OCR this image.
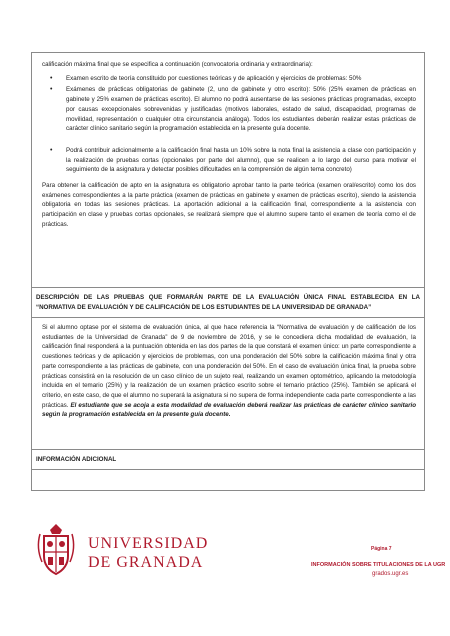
calificación máxima final que se especifica a continuación (convocatoria ordinaria y extraordinaria):

• Examen escrito de teoría constituido por cuestiones teóricas y de aplicación y ejercicios de problemas: 50%
• Exámenes de prácticas obligatorias de gabinete (2, uno de gabinete y otro escrito): 50% (25% examen de prácticas en gabinete y 25% examen de prácticas escrito). El alumno no podrá ausentarse de las sesiones prácticas programadas, excepto por causas excepcionales sobrevenidas y justificadas (motivos laborales, estado de salud, discapacidad, programas de movilidad, representación o cualquier otra circunstancia análoga). Todos los estudiantes deberán realizar estas prácticas de carácter clínico sanitario según la programación establecida en la presente guía docente.
• Podrá contribuir adicionalmente a la calificación final hasta un 10% sobre la nota final la asistencia a clase con participación y la realización de pruebas cortas (opcionales por parte del alumno), que se realicen a lo largo del curso para motivar el seguimiento de la asignatura y detectar posibles dificultades en la comprensión de algún tema concreto)

Para obtener la calificación de apto en la asignatura es obligatorio aprobar tanto la parte teórica (examen oral/escrito) como los dos exámenes correspondientes a la parte práctica (examen de prácticas en gabinete y examen de prácticas escrito), siendo la asistencia obligatoria en todas las sesiones prácticas. La aportación adicional a la calificación final, correspondiente a la asistencia con participación en clase y pruebas cortas opcionales, se realizará siempre que el alumno supere tanto el examen de teoría como el de prácticas.

DESCRIPCIÓN DE LAS PRUEBAS QUE FORMARÁN PARTE DE LA EVALUACIÓN ÚNICA FINAL ESTABLECIDA EN LA “NORMATIVA DE EVALUACIÓN Y DE CALIFICACIÓN DE LOS ESTUDIANTES DE LA UNIVERSIDAD DE GRANADA”

Si el alumno optase por el sistema de evaluación única, al que hace referencia la “Normativa de evaluación y de calificación de los estudiantes de la Universidad de Granada” de 9 de noviembre de 2016, y se le concediera dicha modalidad de evaluación, la calificación final responderá a la puntuación obtenida en las dos partes de la que constará el examen único: un parte correspondiente a cuestiones teóricas y de aplicación y ejercicios de problemas, con una ponderación del 50% sobre la calificación máxima final y otra parte correspondiente a las prácticas de gabinete, con una ponderación del 50%. En el caso de evaluación única final, la prueba sobre prácticas consistirá en la resolución de un caso clínico de un sujeto real, realizando un examen optométrico, aplicando la metodología incluida en el temario (25%) y la realización de un examen práctico escrito sobre el temario práctico (25%). También se aplicará el criterio, en este caso, de que el alumno no superará la asignatura si no supera de forma independiente cada parte correspondiente a las prácticas. El estudiante que se acoja a esta modalidad de evaluación deberá realizar las prácticas de carácter clínico sanitario según la programación establecida en la presente guía docente.

INFORMACIÓN ADICIONAL

UNIVERSIDAD
DE GRANADA
Página 7
INFORMACIÓN SOBRE TITULACIONES DE LA UGR
grados.ugr.es
